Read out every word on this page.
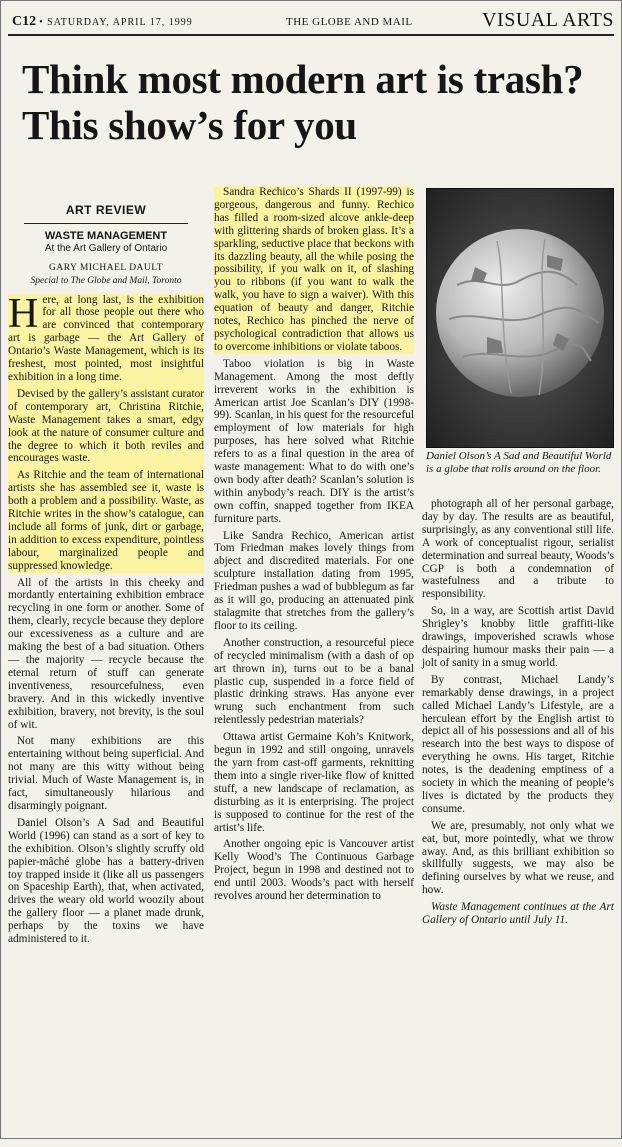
C12 • SATURDAY, APRIL 17, 1999	THE GLOBE AND MAIL	VISUAL ARTS
Think most modern art is trash?
This show’s for you
ART REVIEW
WASTE MANAGEMENT
At the Art Gallery of Ontario
GARY MICHAEL DAULT
Special to The Globe and Mail, Toronto

Here, at long last, is the exhibition for all those people out there who are convinced that contemporary art is garbage — the Art Gallery of Ontario’s Waste Management, which is its freshest, most pointed, most insightful exhibition in a long time.

Devised by the gallery’s assistant curator of contemporary art, Christina Ritchie, Waste Management takes a smart, edgy look at the nature of consumer culture and the degree to which it both reviles and encourages waste.

As Ritchie and the team of international artists she has assembled see it, waste is both a problem and a possibility. Waste, as Ritchie writes in the show’s catalogue, can include all forms of junk, dirt or garbage, in addition to excess expenditure, pointless labour, marginalized people and suppressed knowledge.

All of the artists in this cheeky and mordantly entertaining exhibition embrace recycling in one form or another. Some of them, clearly, recycle because they deplore our excessiveness as a culture and are making the best of a bad situation. Others — the majority — recycle because the eternal return of stuff can generate inventiveness, resourcefulness, even bravery. And in this wickedly inventive exhibition, bravery, not brevity, is the soul of wit.

Not many exhibitions are this entertaining without being superficial. And not many are this witty without being trivial. Much of Waste Management is, in fact, simultaneously hilarious and disarmingly poignant.

Daniel Olson’s A Sad and Beautiful World (1996) can stand as a sort of key to the exhibition. Olson’s slightly scruffy old papier-mâché globe has a battery-driven toy trapped inside it (like all us passengers on Spaceship Earth), that, when activated, drives the weary old world woozily about the gallery floor — a planet made drunk, perhaps by the toxins we have administered to it.

Sandra Rechico’s Shards II (1997-99) is gorgeous, dangerous and funny. Rechico has filled a room-sized alcove ankle-deep with glittering shards of broken glass. It’s a sparkling, seductive place that beckons with its dazzling beauty, all the while posing the possibility, if you walk on it, of slashing you to ribbons (if you want to walk the walk, you have to sign a waiver). With this equation of beauty and danger, Ritchie notes, Rechico has pinched the nerve of psychological contradiction that allows us to overcome inhibitions or violate taboos.

Taboo violation is big in Waste Management. Among the most deftly irreverent works in the exhibition is American artist Joe Scanlan’s DIY (1998-99). Scanlan, in his quest for the resourceful employment of low materials for high purposes, has here solved what Ritchie refers to as a final question in the area of waste management: What to do with one’s own body after death? Scanlan’s solution is within anybody’s reach. DIY is the artist’s own coffin, snapped together from IKEA furniture parts.

Like Sandra Rechico, American artist Tom Friedman makes lovely things from abject and discredited materials. For one sculpture installation dating from 1995, Friedman pushes a wad of bubblegum as far as it will go, producing an attenuated pink stalagmite that stretches from the gallery’s floor to its ceiling.

Another construction, a resourceful piece of recycled minimalism (with a dash of op art thrown in), turns out to be a banal plastic cup, suspended in a force field of plastic drinking straws. Has anyone ever wrung such enchantment from such relentlessly pedestrian materials?

Ottawa artist Germaine Koh’s Knitwork, begun in 1992 and still ongoing, unravels the yarn from cast-off garments, reknitting them into a single river-like flow of knitted stuff, a new landscape of reclamation, as disturbing as it is enterprising. The project is supposed to continue for the rest of the artist’s life.

Another ongoing epic is Vancouver artist Kelly Wood’s The Continuous Garbage Project, begun in 1998 and destined not to end until 2003. Woods’s pact with herself revolves around her determination to

Daniel Olson’s A Sad and Beautiful World is a globe that rolls around on the floor.

photograph all of her personal garbage, day by day. The results are as beautiful, surprisingly, as any conventional still life. A work of conceptualist rigour, serialist determination and surreal beauty, Woods’s CGP is both a condemnation of wastefulness and a tribute to responsibility.

So, in a way, are Scottish artist David Shrigley’s knobby little graffiti-like drawings, impoverished scrawls whose despairing humour masks their pain — a jolt of sanity in a smug world.

By contrast, Michael Landy’s remarkably dense drawings, in a project called Michael Landy’s Lifestyle, are a herculean effort by the English artist to depict all of his possessions and all of his research into the best ways to dispose of everything he owns. His target, Ritchie notes, is the deadening emptiness of a society in which the meaning of people’s lives is dictated by the products they consume.

We are, presumably, not only what we eat, but, more pointedly, what we throw away. And, as this brilliant exhibition so skillfully suggests, we may also be defining ourselves by what we reuse, and how.

Waste Management continues at the Art Gallery of Ontario until July 11.
